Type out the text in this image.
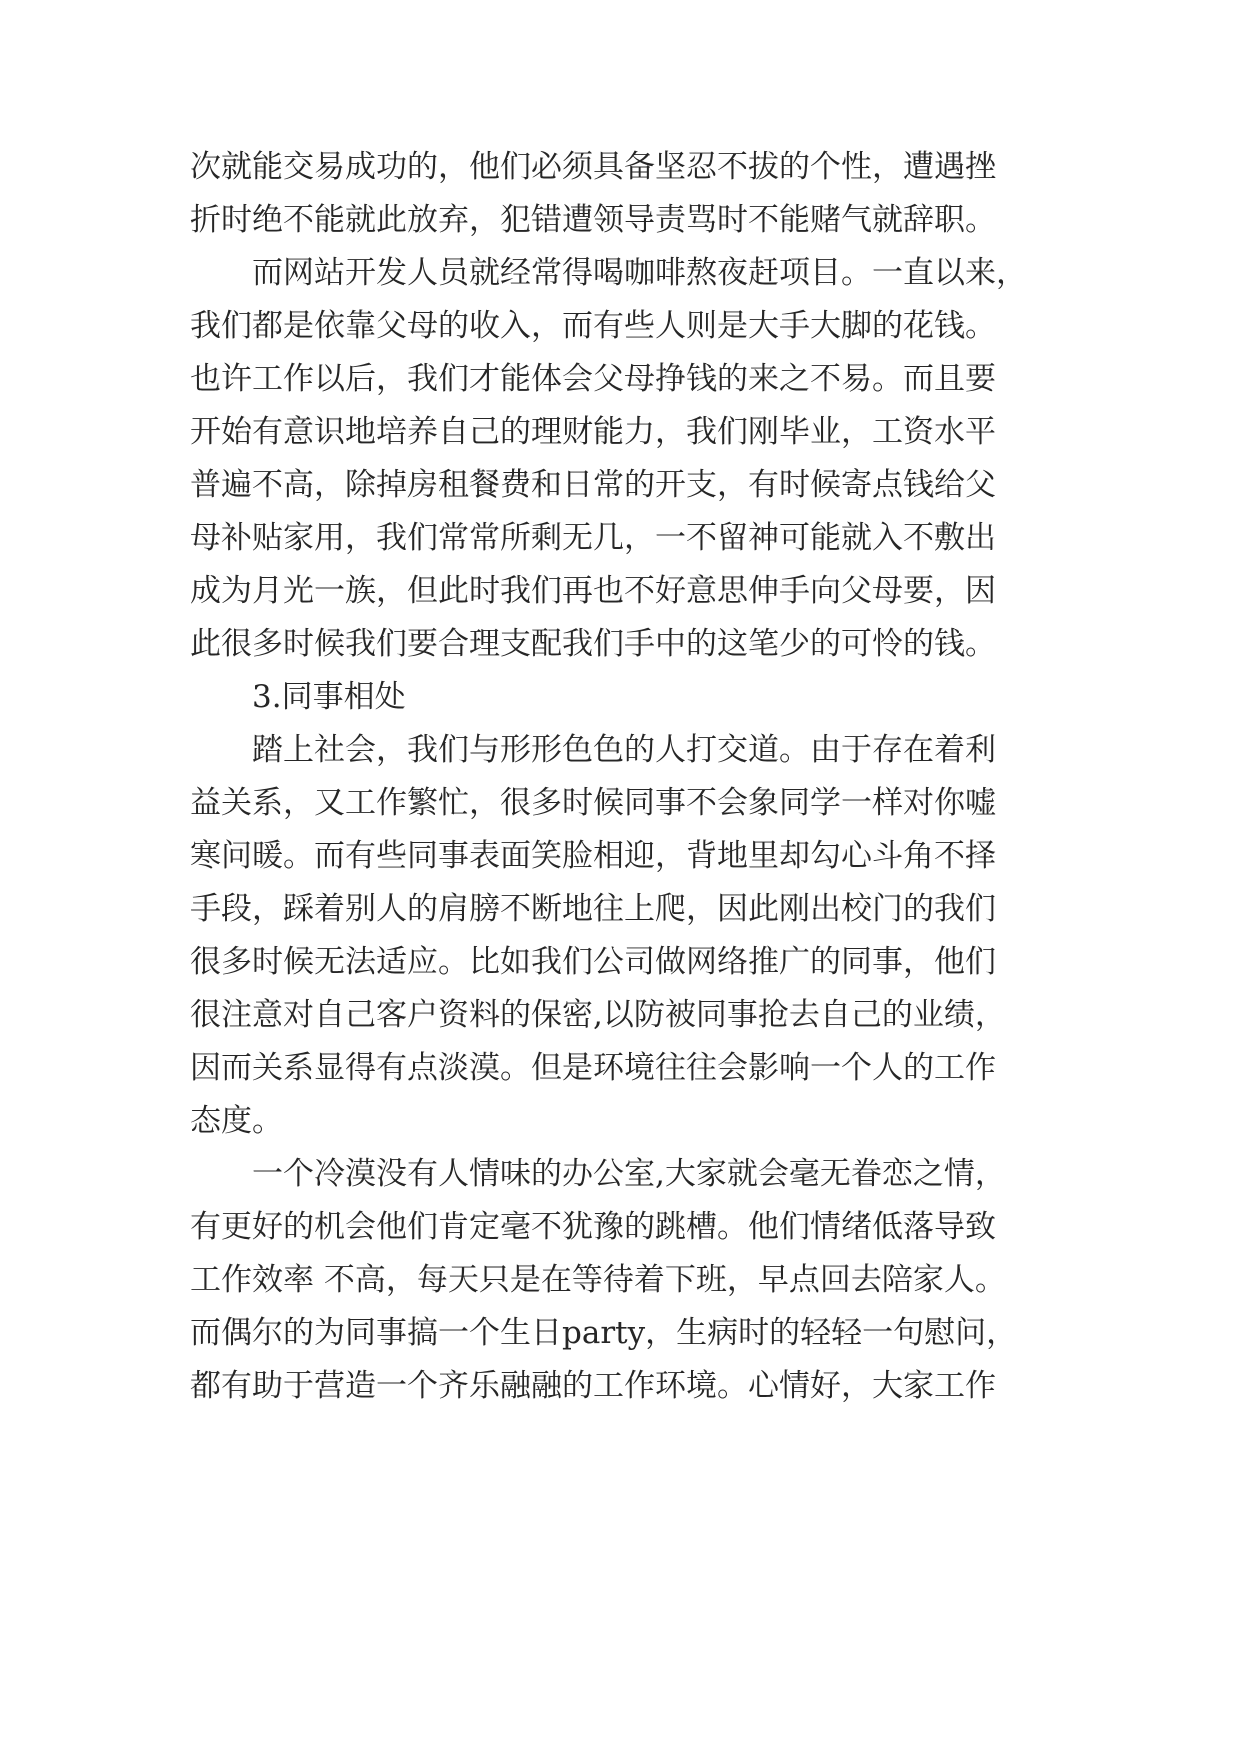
次就能交易成功的，他们必须具备坚忍不拔的个性，遭遇挫
折时绝不能就此放弃，犯错遭领导责骂时不能赌气就辞职。
而网站开发人员就经常得喝咖啡熬夜赶项目。一直以来，
我们都是依靠父母的收入，而有些人则是大手大脚的花钱。
也许工作以后，我们才能体会父母挣钱的来之不易。而且要
开始有意识地培养自己的理财能力，我们刚毕业，工资水平
普遍不高，除掉房租餐费和日常的开支，有时候寄点钱给父
母补贴家用，我们常常所剩无几，一不留神可能就入不敷出
成为月光一族，但此时我们再也不好意思伸手向父母要，因
此很多时候我们要合理支配我们手中的这笔少的可怜的钱。
3.同事相处
踏上社会，我们与形形色色的人打交道。由于存在着利
益关系，又工作繁忙，很多时候同事不会象同学一样对你嘘
寒问暖。而有些同事表面笑脸相迎，背地里却勾心斗角不择
手段，踩着别人的肩膀不断地往上爬，因此刚出校门的我们
很多时候无法适应。比如我们公司做网络推广的同事，他们
很注意对自己客户资料的保密,以防被同事抢去自己的业绩，
因而关系显得有点淡漠。但是环境往往会影响一个人的工作
态度。
一个冷漠没有人情味的办公室,大家就会毫无眷恋之情，
有更好的机会他们肯定毫不犹豫的跳槽。他们情绪低落导致
工作效率 不高，每天只是在等待着下班，早点回去陪家人。
而偶尔的为同事搞一个生日party，生病时的轻轻一句慰问，
都有助于营造一个齐乐融融的工作环境。心情好，大家工作
